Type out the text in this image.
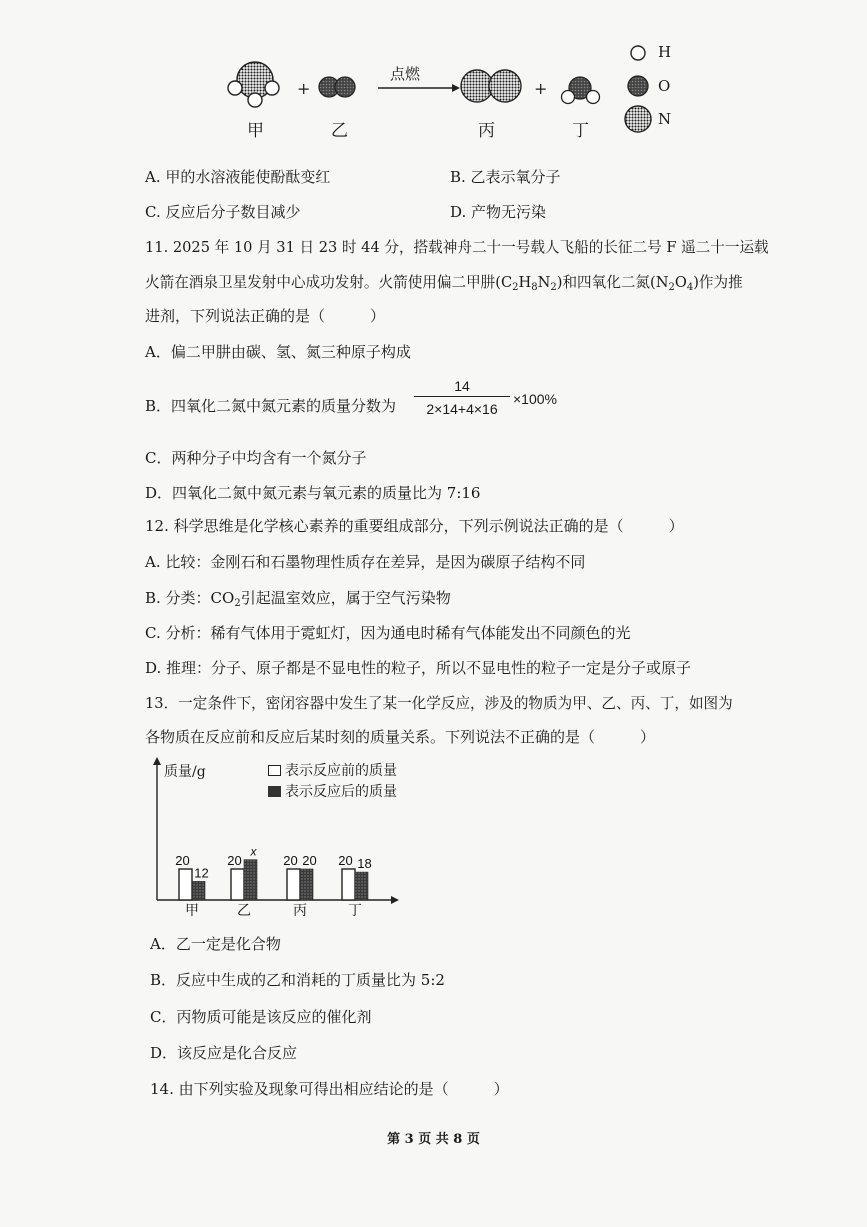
+	+
点燃
甲	乙	丙	丁
H
O
N
A. 甲的水溶液能使酚酞变红	B. 乙表示氧分子
C. 反应后分子数目减少	D. 产物无污染
11. 2025 年 10 月 31 日 23 时 44 分，搭载神舟二十一号载人飞船的长征二号 F 遥二十一运载
火箭在酒泉卫星发射中心成功发射。火箭使用偏二甲肼$(C_2H_8N_2)$和四氧化二氮$(N_2O_4)$作为推
进剂，下列说法正确的是（　　　）
A．偏二甲肼由碳、氢、氮三种原子构成
B．四氧化二氮中氮元素的质量分数为
14
2×14+4×16
×100%
C．两种分子中均含有一个氮分子
D．四氧化二氮中氮元素与氧元素的质量比为 7:16
12. 科学思维是化学核心素养的重要组成部分，下列示例说法正确的是（　　　）
A. 比较：金刚石和石墨物理性质存在差异，是因为碳原子结构不同
B. 分类：$CO_2$引起温室效应，属于空气污染物
C. 分析：稀有气体用于霓虹灯，因为通电时稀有气体能发出不同颜色的光
D. 推理：分子、原子都是不显电性的粒子，所以不显电性的粒子一定是分子或原子
13．一定条件下，密闭容器中发生了某一化学反应，涉及的物质为甲、乙、丙、丁，如图为
各物质在反应前和反应后某时刻的质量关系。下列说法不正确的是（　　　）
20
12
甲
20
x
乙
20 20
丙
20 18
丁
质量/g	表示反应前的质量
表示反应后的质量
A．乙一定是化合物
B．反应中生成的乙和消耗的丁质量比为 5:2
C．丙物质可能是该反应的催化剂
D．该反应是化合反应
14. 由下列实验及现象可得出相应结论的是（　　　）
第 3 页 共 8 页
